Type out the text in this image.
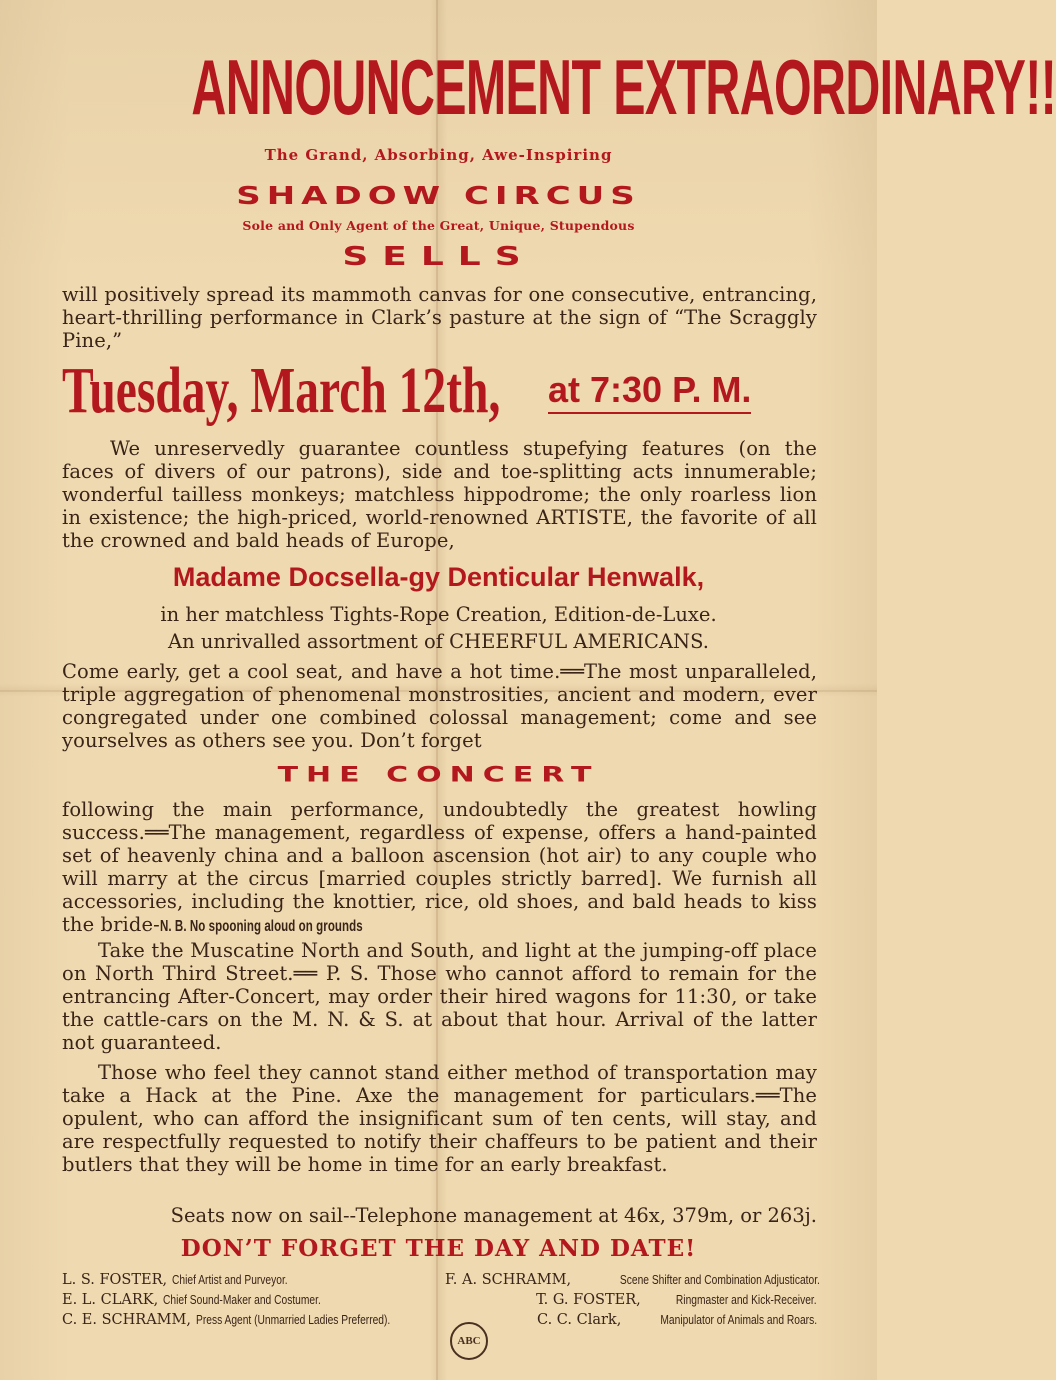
ANNOUNCEMENT EXTRAORDINARY!!
The Grand, Absorbing, Awe-Inspiring
SHADOW CIRCUS
Sole and Only Agent of the Great, Unique, Stupendous
SELLS
will positively spread its mammoth canvas for one consecutive, entrancing, heart-thrilling performance in Clark’s pasture at the sign of “The Scraggly Pine,”
Tuesday, March 12th, at 7:30 P. M.
We unreservedly guarantee countless stupefying features (on the faces of divers of our patrons), side and toe-splitting acts innumerable; wonderful tailless monkeys; matchless hippodrome; the only roarless lion in existence; the high-priced, world-renowned ARTISTE, the favorite of all the crowned and bald heads of Europe,
Madame Docsella-gy Denticular Henwalk,
in her matchless Tights-Rope Creation, Edition-de-Luxe.
An unrivalled assortment of CHEERFUL AMERICANS.
Come early, get a cool seat, and have a hot time.══The most unparalleled, triple aggregation of phenomenal monstrosities, ancient and modern, ever congregated under one combined colossal management; come and see yourselves as others see you. Don’t forget
THE CONCERT
following the main performance, undoubtedly the greatest howling success.══The management, regardless of expense, offers a hand-painted set of heavenly china and a balloon ascension (hot air) to any couple who will marry at the circus [married couples strictly barred]. We furnish all accessories, including the knottier, rice, old shoes, and bald heads to kiss the bride-N. B. No spooning aloud on grounds
Take the Muscatine North and South, and light at the jumping-off place on North Third Street.══ P. S. Those who cannot afford to remain for the entrancing After-Concert, may order their hired wagons for 11:30, or take the cattle-cars on the M. N. & S. at about that hour. Arrival of the latter not guaranteed.
Those who feel they cannot stand either method of transportation may take a Hack at the Pine. Axe the management for particulars.══The opulent, who can afford the insignificant sum of ten cents, will stay, and are respectfully requested to notify their chaffeurs to be patient and their butlers that they will be home in time for an early breakfast.
Seats now on sail--Telephone management at 46x, 379m, or 263j.
DON’T FORGET THE DAY AND DATE!
L. S. FOSTER, Chief Artist and Purveyor.
E. L. CLARK, Chief Sound-Maker and Costumer.
C. E. SCHRAMM, Press Agent (Unmarried Ladies Preferred).
F. A. SCHRAMM,	Scene Shifter and Combination Adjusticator.
T. G. FOSTER,	Ringmaster and Kick-Receiver.
C. C. Clark,	Manipulator of Animals and Roars.
ABC
